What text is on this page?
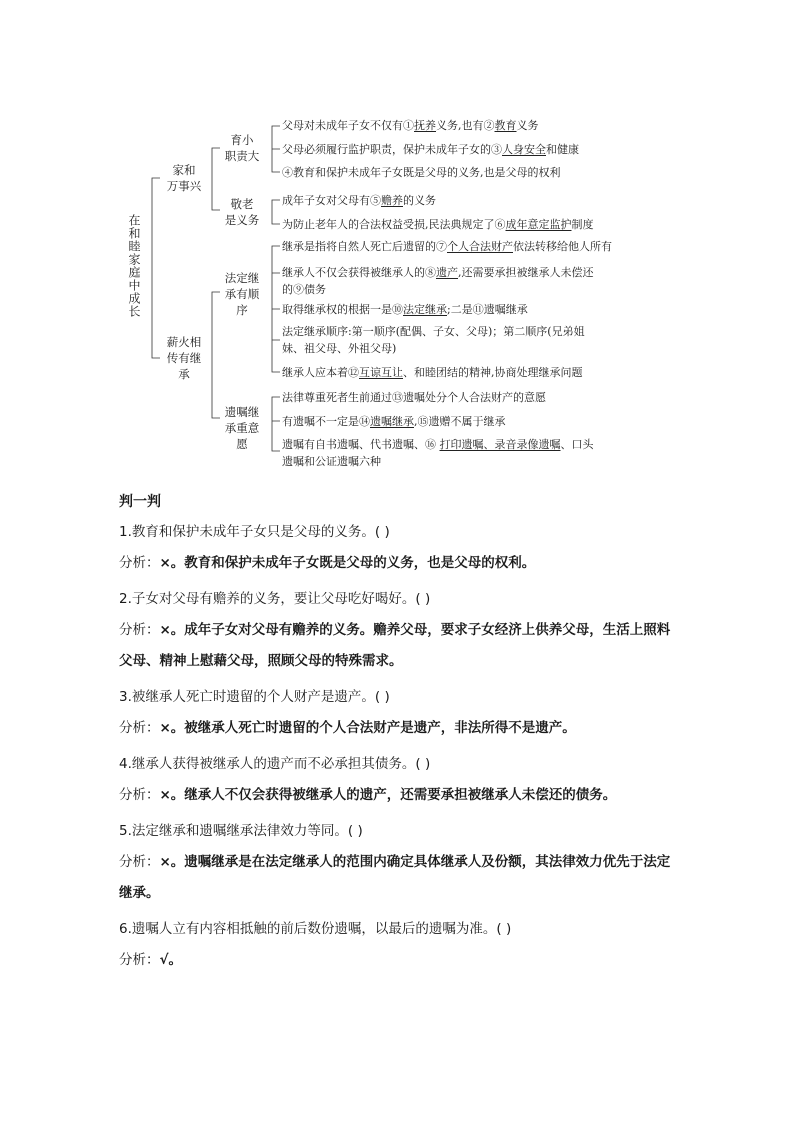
在和睦家庭中成长
家和
万事兴
育小
职责大
父母对未成年子女不仅有①抚养义务,也有②教育义务
父母必须履行监护职责，保护未成年子女的③人身安全和健康
④教育和保护未成年子女既是父母的义务,也是父母的权利
敬老
是义务
成年子女对父母有⑤赡养的义务
为防止老年人的合法权益受损,民法典规定了⑥成年意定监护制度
薪火相
传有继
承
法定继
承有顺
序
继承是指将自然人死亡后遗留的⑦个人合法财产依法转移给他人所有
继承人不仅会获得被继承人的⑧遗产,还需要承担被继承人未偿还
的⑨债务
取得继承权的根据一是⑩法定继承;二是⑪遗嘱继承
法定继承顺序:第一顺序(配偶、子女、父母)；第二顺序(兄弟姐
妹、祖父母、外祖父母)
继承人应本着⑫互谅互让、和睦团结的精神,协商处理继承问题
遗嘱继
承重意
愿
法律尊重死者生前通过⑬遗嘱处分个人合法财产的意愿
有遗嘱不一定是⑭遗嘱继承,⑮遗赠不属于继承
遗嘱有自书遗嘱、代书遗嘱、⑯ 打印遗嘱、录音录像遗嘱、口头
遗嘱和公证遗嘱六种
判一判
1.教育和保护未成年子女只是父母的义务。( )
分析：×。教育和保护未成年子女既是父母的义务，也是父母的权利。
2.子女对父母有赡养的义务，要让父母吃好喝好。( )
分析：×。成年子女对父母有赡养的义务。赡养父母，要求子女经济上供养父母，生活上照料父母、精神上慰藉父母，照顾父母的特殊需求。
3.被继承人死亡时遗留的个人财产是遗产。( )
分析：×。被继承人死亡时遗留的个人合法财产是遗产，非法所得不是遗产。
4.继承人获得被继承人的遗产而不必承担其债务。( )
分析：×。继承人不仅会获得被继承人的遗产，还需要承担被继承人未偿还的债务。
5.法定继承和遗嘱继承法律效力等同。( )
分析：×。遗嘱继承是在法定继承人的范围内确定具体继承人及份额，其法律效力优先于法定继承。
6.遗嘱人立有内容相抵触的前后数份遗嘱，以最后的遗嘱为准。( )
分析：√。
